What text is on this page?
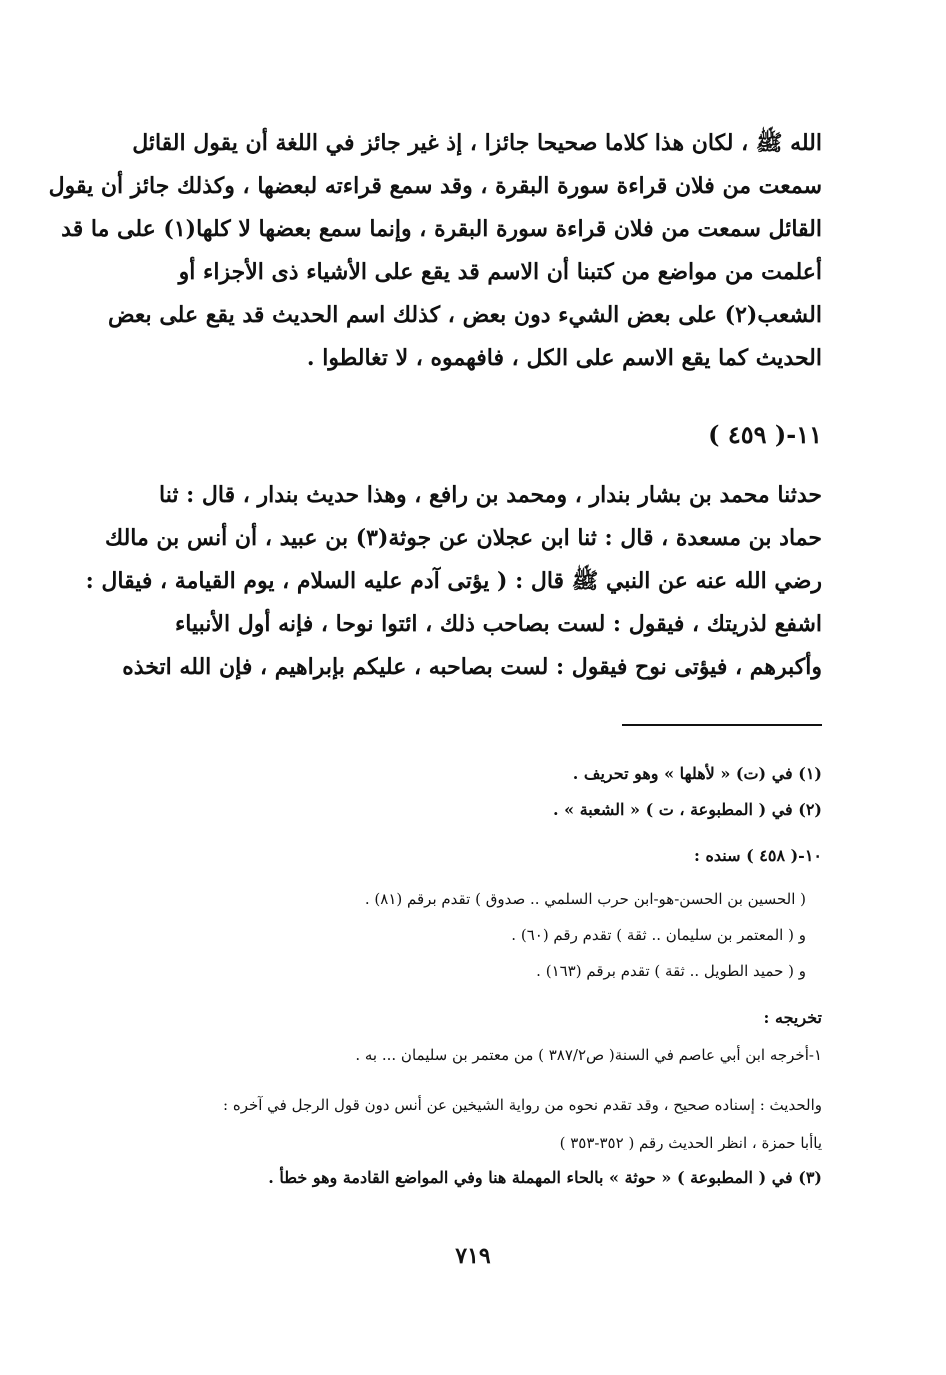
الله ﷺ ، لكان هذا كلاما صحيحا جائزا ، إذ غير جائز في اللغة أن يقول القائل
سمعت من فلان قراءة سورة البقرة ، وقد سمع قراءته لبعضها ، وكذلك جائز أن يقول
القائل سمعت من فلان قراءة سورة البقرة ، وإنما سمع بعضها لا كلها(١) على ما قد
أعلمت من مواضع من كتبنا أن الاسم قد يقع على الأشياء ذى الأجزاء أو
الشعب(٢) على بعض الشيء دون بعض ، كذلك اسم الحديث قد يقع على بعض
الحديث كما يقع الاسم على الكل ، فافهموه ، لا تغالطوا .
١١-( ٤٥٩ )
حدثنا محمد بن بشار بندار ، ومحمد بن رافع ، وهذا حديث بندار ، قال : ثنا
حماد بن مسعدة ، قال : ثنا ابن عجلان عن جوثة(٣) بن عبيد ، أن أنس بن مالك
رضي الله عنه عن النبي ﷺ قال : ( يؤتى آدم عليه السلام ، يوم القيامة ، فيقال :
اشفع لذريتك ، فيقول : لست بصاحب ذلك ، ائتوا نوحا ، فإنه أول الأنبياء
وأكبرهم ، فيؤتى نوح فيقول : لست بصاحبه ، عليكم بإبراهيم ، فإن الله اتخذه
(١) في (ت) « لأهلها » وهو تحريف .
(٢) في ( المطبوعة ، ت ) « الشعبة » .
١٠-( ٤٥٨ ) سنده :
( الحسين بن الحسن-هو-ابن حرب السلمي .. صدوق ) تقدم برقم (٨١) .
و ( المعتمر بن سليمان .. ثقة ) تقدم رقم (٦٠) .
و ( حميد الطويل .. ثقة ) تقدم برقم (١٦٣) .
تخريجه :
١-أخرجه ابن أبي عاصم في السنة( ص٣٨٧/٢ ) من معتمر بن سليمان ... به .
والحديث : إسناده صحيح ، وقد تقدم نحوه من رواية الشيخين عن أنس دون قول الرجل في آخره :
ياأبا حمزة ، انظر الحديث رقم ( ٣٥٢-٣٥٣ )
(٣) في ( المطبوعة ) « حوثة » بالحاء المهملة هنا وفي المواضع القادمة وهو خطأ .
٧١٩
